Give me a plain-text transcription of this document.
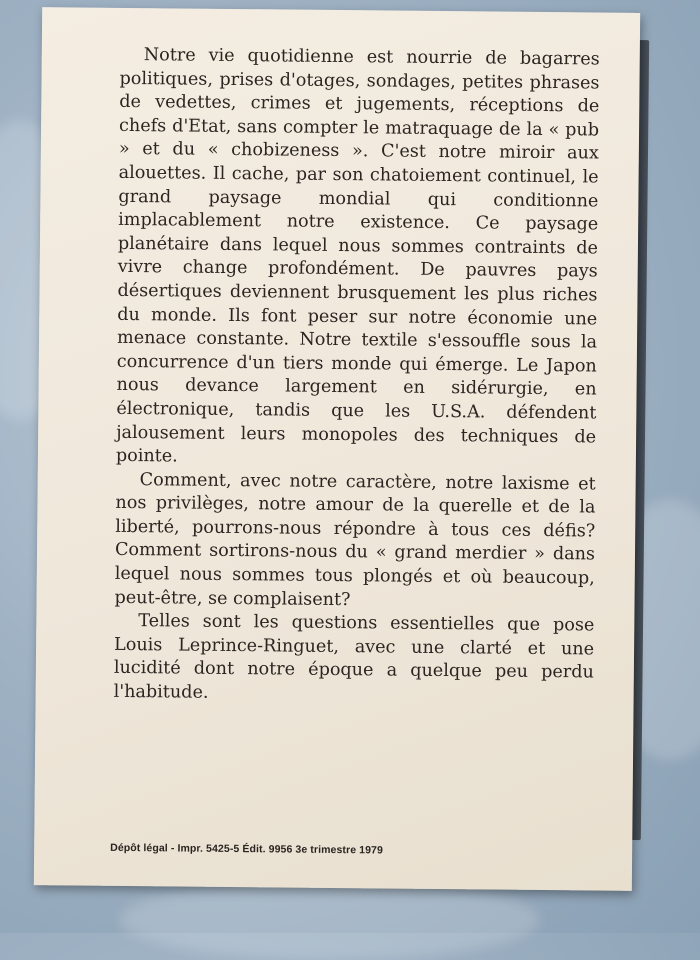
Notre vie quotidienne est nourrie de bagarres politiques, prises d'otages, sondages, petites phrases de vedettes, crimes et jugements, réceptions de chefs d'Etat, sans compter le matraquage de la « pub » et du « chobizeness ». C'est notre miroir aux alouettes. Il cache, par son chatoiement continuel, le grand paysage mondial qui conditionne implacablement notre existence. Ce paysage planétaire dans lequel nous sommes contraints de vivre change profondément. De pauvres pays désertiques deviennent brusquement les plus riches du monde. Ils font peser sur notre économie une menace constante. Notre textile s'essouffle sous la concurrence d'un tiers monde qui émerge. Le Japon nous devance largement en sidérurgie, en électronique, tandis que les U.S.A. défendent jalousement leurs monopoles des techniques de pointe.

Comment, avec notre caractère, notre laxisme et nos privilèges, notre amour de la querelle et de la liberté, pourrons-nous répondre à tous ces défis? Comment sortirons-nous du « grand merdier » dans lequel nous sommes tous plongés et où beaucoup, peut-être, se complaisent?

Telles sont les questions essentielles que pose Louis Leprince-Ringuet, avec une clarté et une lucidité dont notre époque a quelque peu perdu l'habitude.

Dépôt légal - Impr. 5425-5 Édit. 9956 3e trimestre 1979
